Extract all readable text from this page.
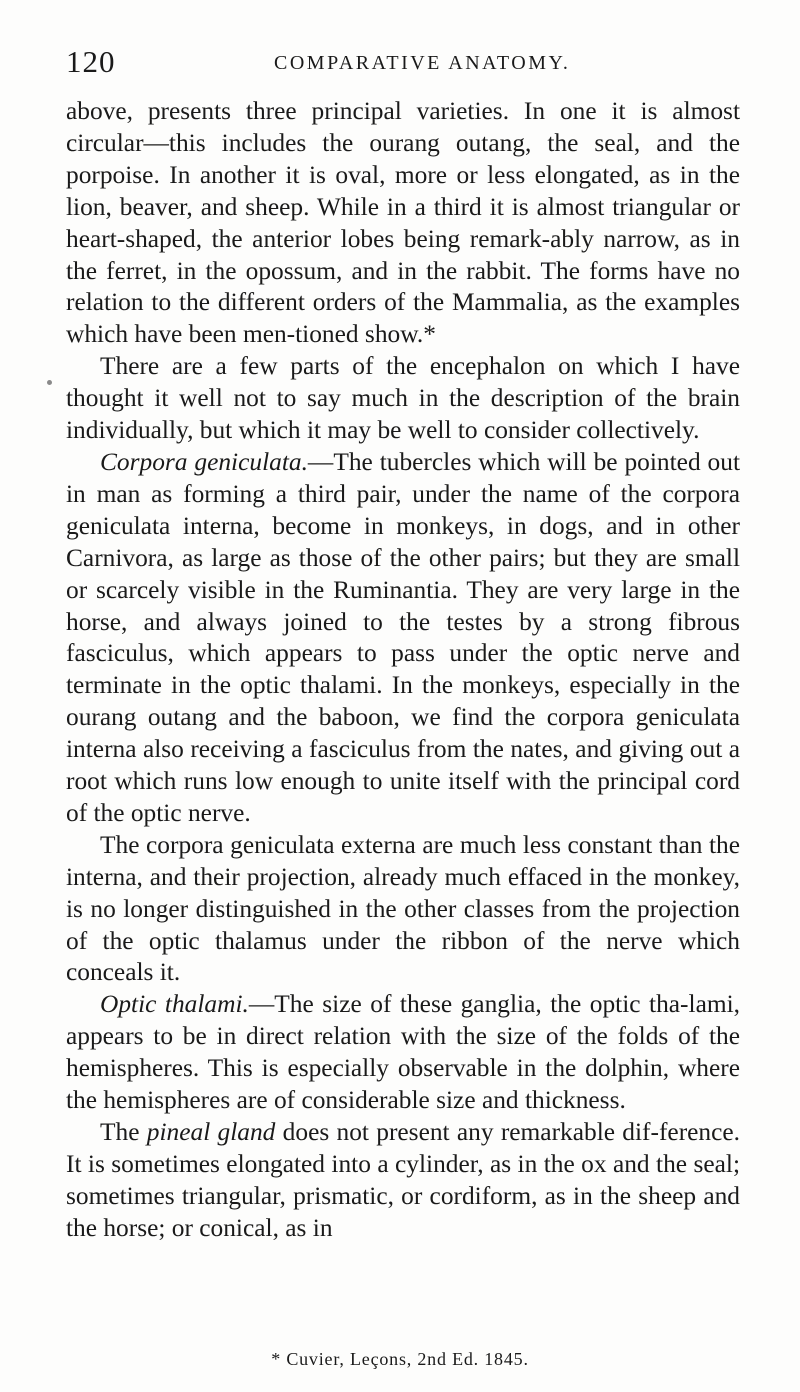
120	COMPARATIVE ANATOMY.

above, presents three principal varieties. In one it is almost circular—this includes the ourang outang, the seal, and the porpoise. In another it is oval, more or less elongated, as in the lion, beaver, and sheep. While in a third it is almost triangular or heart-shaped, the anterior lobes being remark-ably narrow, as in the ferret, in the opossum, and in the rabbit. The forms have no relation to the different orders of the Mammalia, as the examples which have been men-tioned show.*

There are a few parts of the encephalon on which I have thought it well not to say much in the description of the brain individually, but which it may be well to consider collectively.

Corpora geniculata.—The tubercles which will be pointed out in man as forming a third pair, under the name of the corpora geniculata interna, become in monkeys, in dogs, and in other Carnivora, as large as those of the other pairs; but they are small or scarcely visible in the Ruminantia. They are very large in the horse, and always joined to the testes by a strong fibrous fasciculus, which appears to pass under the optic nerve and terminate in the optic thalami. In the monkeys, especially in the ourang outang and the baboon, we find the corpora geniculata interna also receiving a fasciculus from the nates, and giving out a root which runs low enough to unite itself with the principal cord of the optic nerve.

The corpora geniculata externa are much less constant than the interna, and their projection, already much effaced in the monkey, is no longer distinguished in the other classes from the projection of the optic thalamus under the ribbon of the nerve which conceals it.

Optic thalami.—The size of these ganglia, the optic tha-lami, appears to be in direct relation with the size of the folds of the hemispheres. This is especially observable in the dolphin, where the hemispheres are of considerable size and thickness.

The pineal gland does not present any remarkable dif-ference. It is sometimes elongated into a cylinder, as in the ox and the seal; sometimes triangular, prismatic, or cordiform, as in the sheep and the horse; or conical, as in

* Cuvier, Leçons, 2nd Ed. 1845.
